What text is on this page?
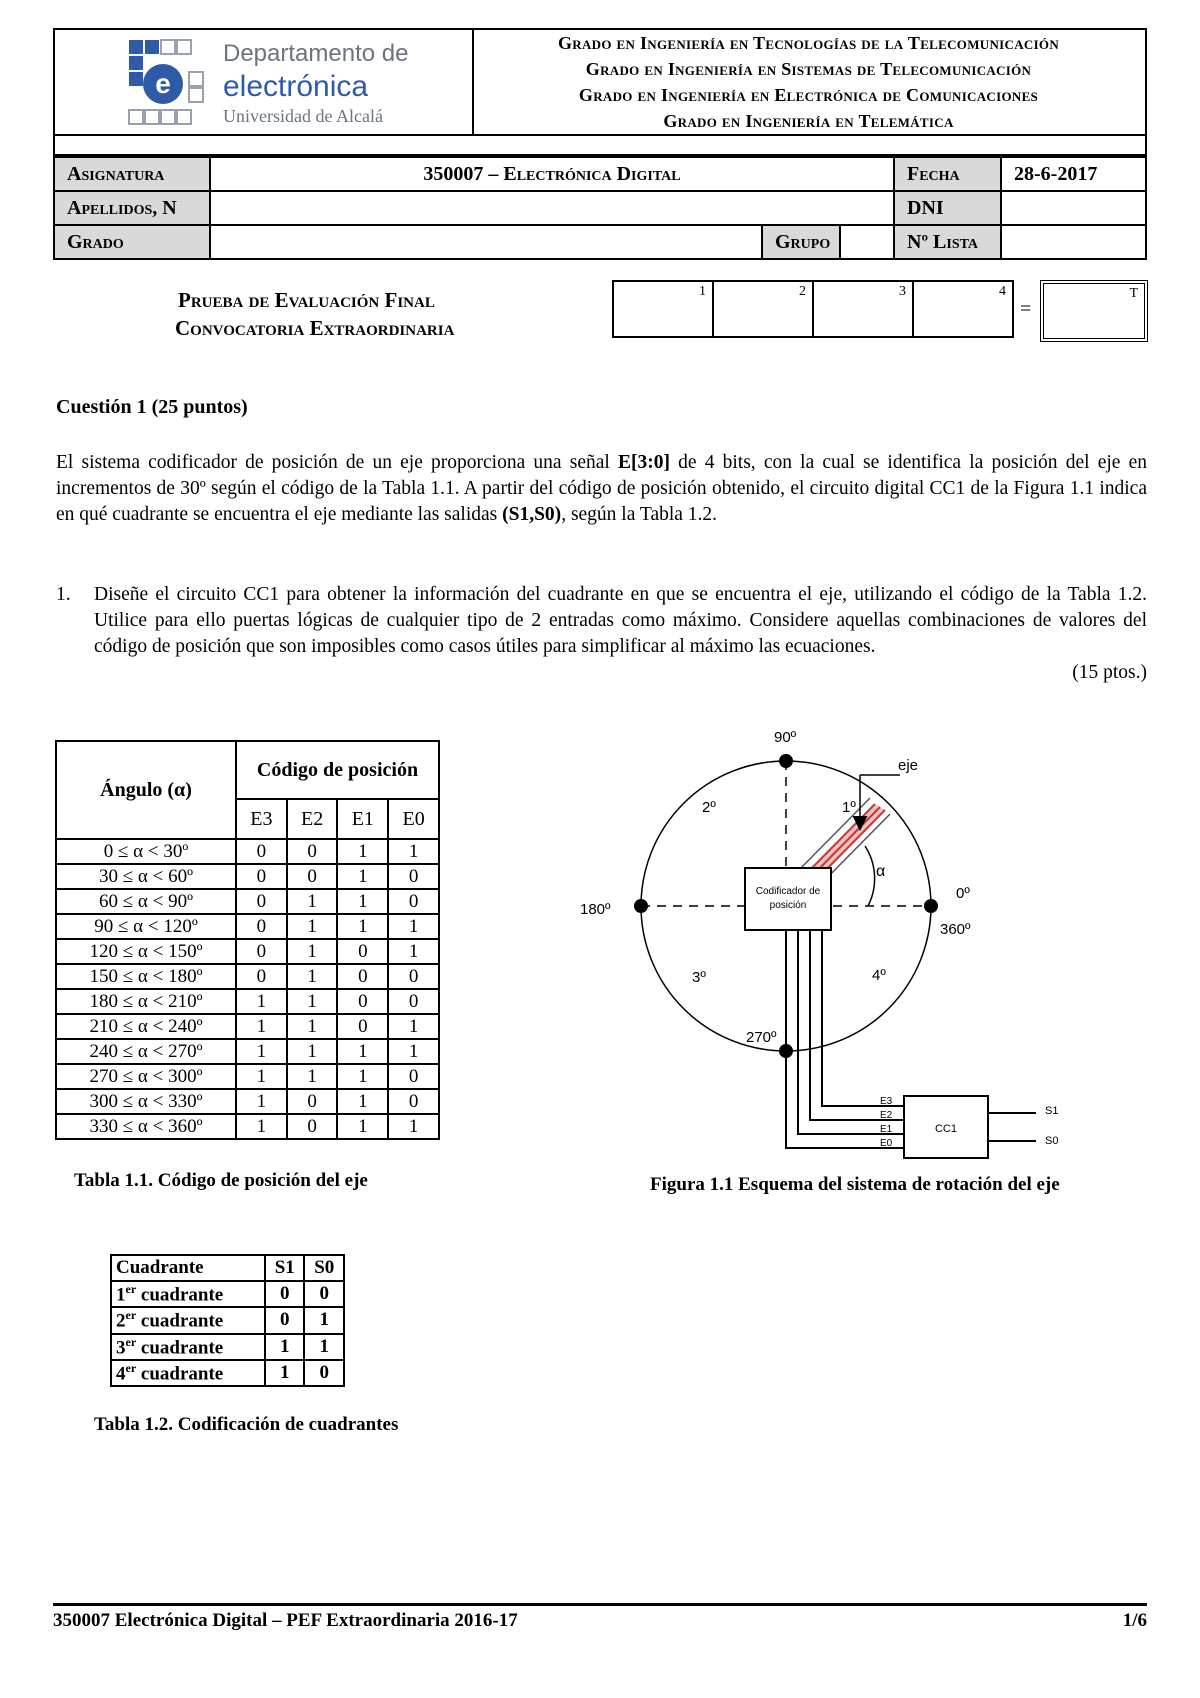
e
Departamento de
electrónica
Universidad de Alcalá
Grado en Ingeniería en Tecnologías de la Telecomunicación
Grado en Ingeniería en Sistemas de Telecomunicación
Grado en Ingeniería en Electrónica de Comunicaciones
Grado en Ingeniería en Telemática
Asignatura	350007 – Electrónica Digital	Fecha	28-6-2017
Apellidos, N	DNI
Grado	Grupo	Nº Lista
Prueba de Evaluación Final
Convocatoria Extraordinaria
1	2	3	4
=
T
Cuestión 1 (25 puntos)

El sistema codificador de posición de un eje proporciona una señal E[3:0] de 4 bits, con la cual se identifica la posición del eje en incrementos de 30º según el código de la Tabla 1.1. A partir del código de posición obtenido, el circuito digital CC1 de la Figura 1.1 indica en qué cuadrante se encuentra el eje mediante las salidas (S1,S0), según la Tabla 1.2.

1.	Diseñe el circuito CC1 para obtener la información del cuadrante en que se encuentra el eje, utilizando el código de la Tabla 1.2. Utilice para ello puertas lógicas de cualquier tipo de 2 entradas como máximo. Considere aquellas combinaciones de valores del código de posición que son imposibles como casos útiles para simplificar al máximo las ecuaciones.

(15 ptos.)
Ángulo (α)	Código de posición			
	E3	E2	E1	E0
0 ≤ α < 30º	0	0	1	1
30 ≤ α < 60º	0	0	1	0
60 ≤ α < 90º	0	1	1	0
90 ≤ α < 120º	0	1	1	1
120 ≤ α < 150º	0	1	0	1
150 ≤ α < 180º	0	1	0	0
180 ≤ α < 210º	1	1	0	0
210 ≤ α < 240º	1	1	0	1
240 ≤ α < 270º	1	1	1	1
270 ≤ α < 300º	1	1	1	0
300 ≤ α < 330º	1	0	1	0
330 ≤ α < 360º	1	0	1	1
Tabla 1.1. Código de posición del eje
Cuadrante	S1	S0
1er cuadrante	0	0
2er cuadrante	0	1
3er cuadrante	1	1
4er cuadrante	1	0
Tabla 1.2. Codificación de cuadrantes
Codificador de
posición
CC1
E3
E2
E1
E0
S1
S0
90º
180º
0º
360º
270º
2º	1º
3º	4º
eje
α
Figura 1.1 Esquema del sistema de rotación del eje
350007 Electrónica Digital – PEF Extraordinaria 2016-17	1/6
